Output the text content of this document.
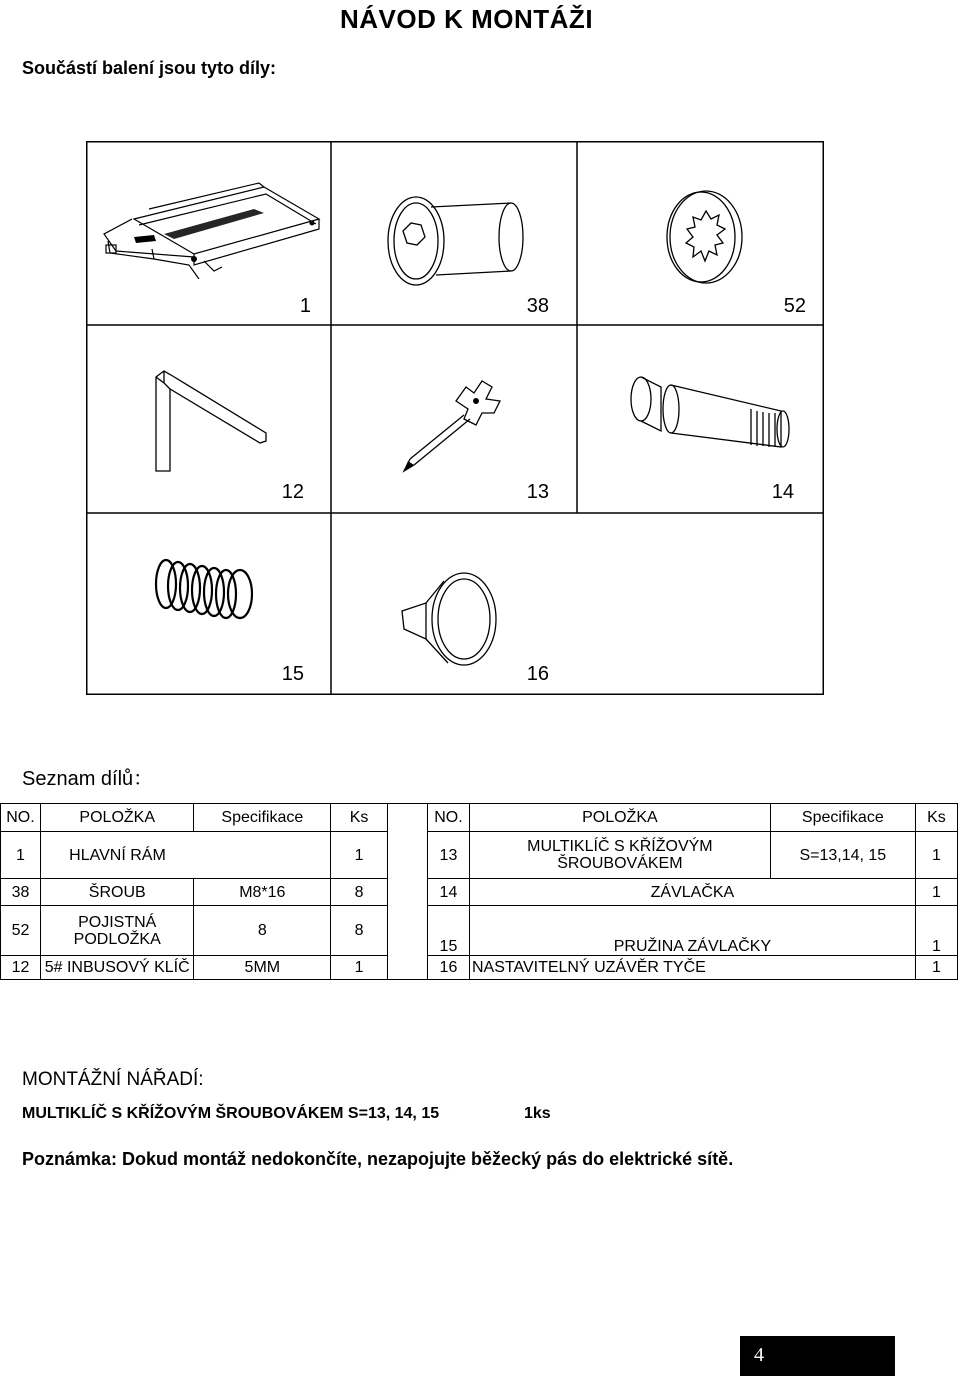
NÁVOD K MONTÁŽI
Součástí balení jsou tyto díly:
1	38	52
12	13	14
15	16
Seznam dílů：
NO.	POLOŽKA	Specifikace	Ks		NO.	POLOŽKA	Specifikace	Ks
1	HLAVNÍ RÁM		1		13	MULTIKLÍČ S KŘÍŽOVÝM ŠROUBOVÁKEM	S=13,14, 15	1
38	ŠROUB	M8*16	8		14	ZÁVLAČKA		1
52	POJISTNÁ PODLOŽKA	8	8		15	PRUŽINA ZÁVLAČKY		1
12	5# INBUSOVÝ KLÍČ	5MM	1		16	NASTAVITELNÝ UZÁVĚR TYČE		1
MONTÁŽNÍ NÁŘADÍ:
MULTIKLÍČ S KŘÍŽOVÝM ŠROUBOVÁKEM S=13, 14, 15	1ks
Poznámka: Dokud montáž nedokončíte, nezapojujte běžecký pás do elektrické sítě.
4
